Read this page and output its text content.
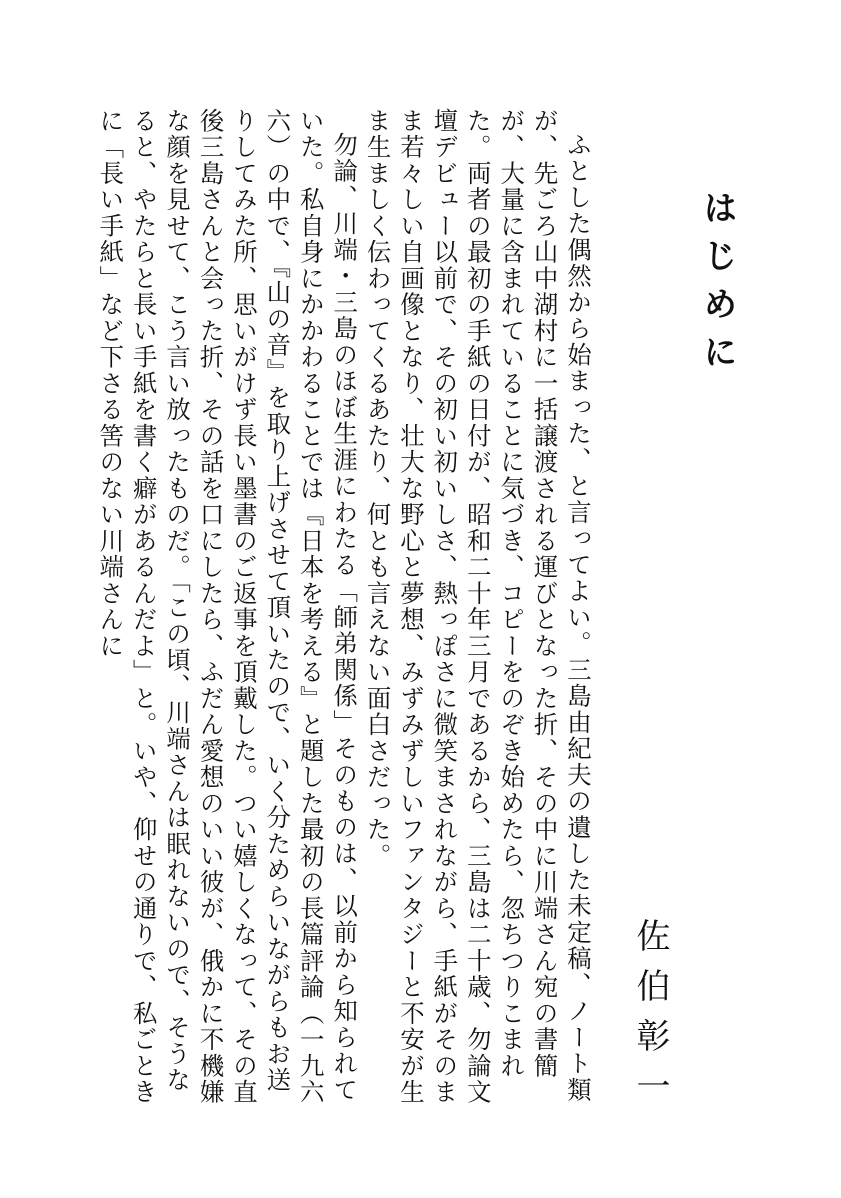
はじめに
佐伯彰一

ふとした偶然から始まった、と言ってよい。三島由紀夫の遺した未定稿、ノート類が、先ごろ山中湖村に一括譲渡される運びとなった折、その中に川端さん宛の書簡が、大量に含まれていることに気づき、コピーをのぞき始めたら、忽ちつりこまれた。両者の最初の手紙の日付が、昭和二十年三月であるから、三島は二十歳、勿論文壇デビュー以前で、その初い初いしさ、熱っぽさに微笑まされながら、手紙がそのまま若々しい自画像となり、壮大な野心と夢想、みずみずしいファンタジーと不安が生ま生ましく伝わってくるあたり、何とも言えない面白さだった。

勿論、川端・三島のほぼ生涯にわたる「師弟関係」そのものは、以前から知られていた。私自身にかかわることでは『日本を考える』と題した最初の長篇評論（一九六六）の中で、『山の音』を取り上げさせて頂いたので、いく分ためらいながらもお送りしてみた所、思いがけず長い墨書のご返事を頂戴した。つい嬉しくなって、その直後三島さんと会った折、その話を口にしたら、ふだん愛想のいい彼が、俄かに不機嫌な顔を見せて、こう言い放ったものだ。「この頃、川端さんは眠れないので、そうなると、やたらと長い手紙を書く癖があるんだよ」と。いや、仰せの通りで、私ごときに「長い手紙」など下さる筈のない川端さんに
